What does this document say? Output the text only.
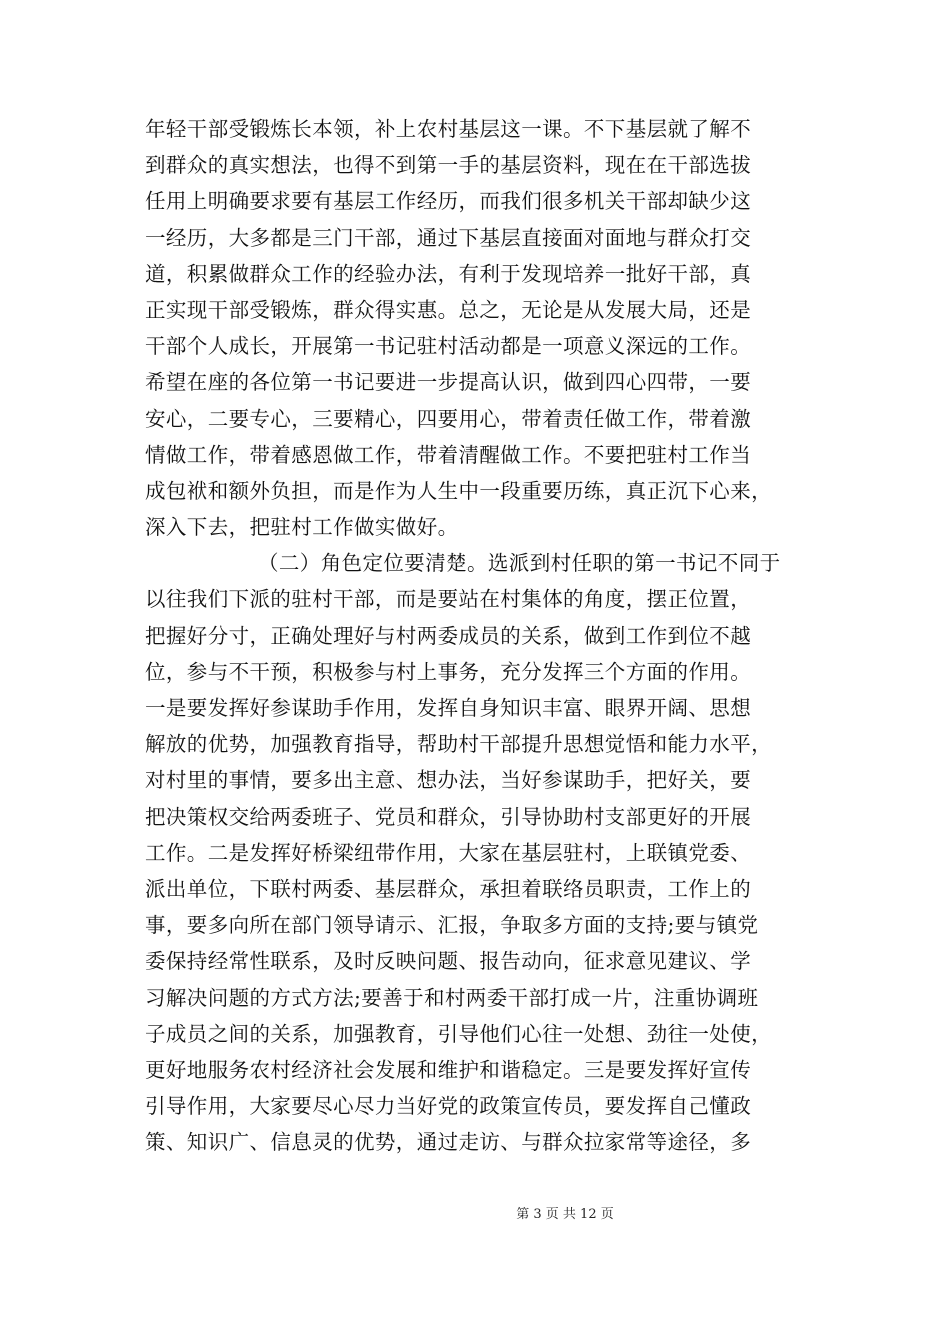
年轻干部受锻炼长本领，补上农村基层这一课。不下基层就了解不
到群众的真实想法，也得不到第一手的基层资料，现在在干部选拔
任用上明确要求要有基层工作经历，而我们很多机关干部却缺少这
一经历，大多都是三门干部，通过下基层直接面对面地与群众打交
道，积累做群众工作的经验办法，有利于发现培养一批好干部，真
正实现干部受锻炼，群众得实惠。总之，无论是从发展大局，还是
干部个人成长，开展第一书记驻村活动都是一项意义深远的工作。
希望在座的各位第一书记要进一步提高认识，做到四心四带，一要
安心，二要专心，三要精心，四要用心，带着责任做工作，带着激
情做工作，带着感恩做工作，带着清醒做工作。不要把驻村工作当
成包袱和额外负担，而是作为人生中一段重要历练，真正沉下心来，
深入下去，把驻村工作做实做好。
（二）角色定位要清楚。选派到村任职的第一书记不同于
以往我们下派的驻村干部，而是要站在村集体的角度，摆正位置，
把握好分寸，正确处理好与村两委成员的关系，做到工作到位不越
位，参与不干预，积极参与村上事务，充分发挥三个方面的作用。
一是要发挥好参谋助手作用，发挥自身知识丰富、眼界开阔、思想
解放的优势，加强教育指导，帮助村干部提升思想觉悟和能力水平，
对村里的事情，要多出主意、想办法，当好参谋助手，把好关，要
把决策权交给两委班子、党员和群众，引导协助村支部更好的开展
工作。二是发挥好桥梁纽带作用，大家在基层驻村，上联镇党委、
派出单位，下联村两委、基层群众，承担着联络员职责，工作上的
事，要多向所在部门领导请示、汇报，争取多方面的支持;要与镇党
委保持经常性联系，及时反映问题、报告动向，征求意见建议、学
习解决问题的方式方法;要善于和村两委干部打成一片，注重协调班
子成员之间的关系，加强教育，引导他们心往一处想、劲往一处使，
更好地服务农村经济社会发展和维护和谐稳定。三是要发挥好宣传
引导作用，大家要尽心尽力当好党的政策宣传员，要发挥自己懂政
策、知识广、信息灵的优势，通过走访、与群众拉家常等途径，多
第 3 页 共 12 页
